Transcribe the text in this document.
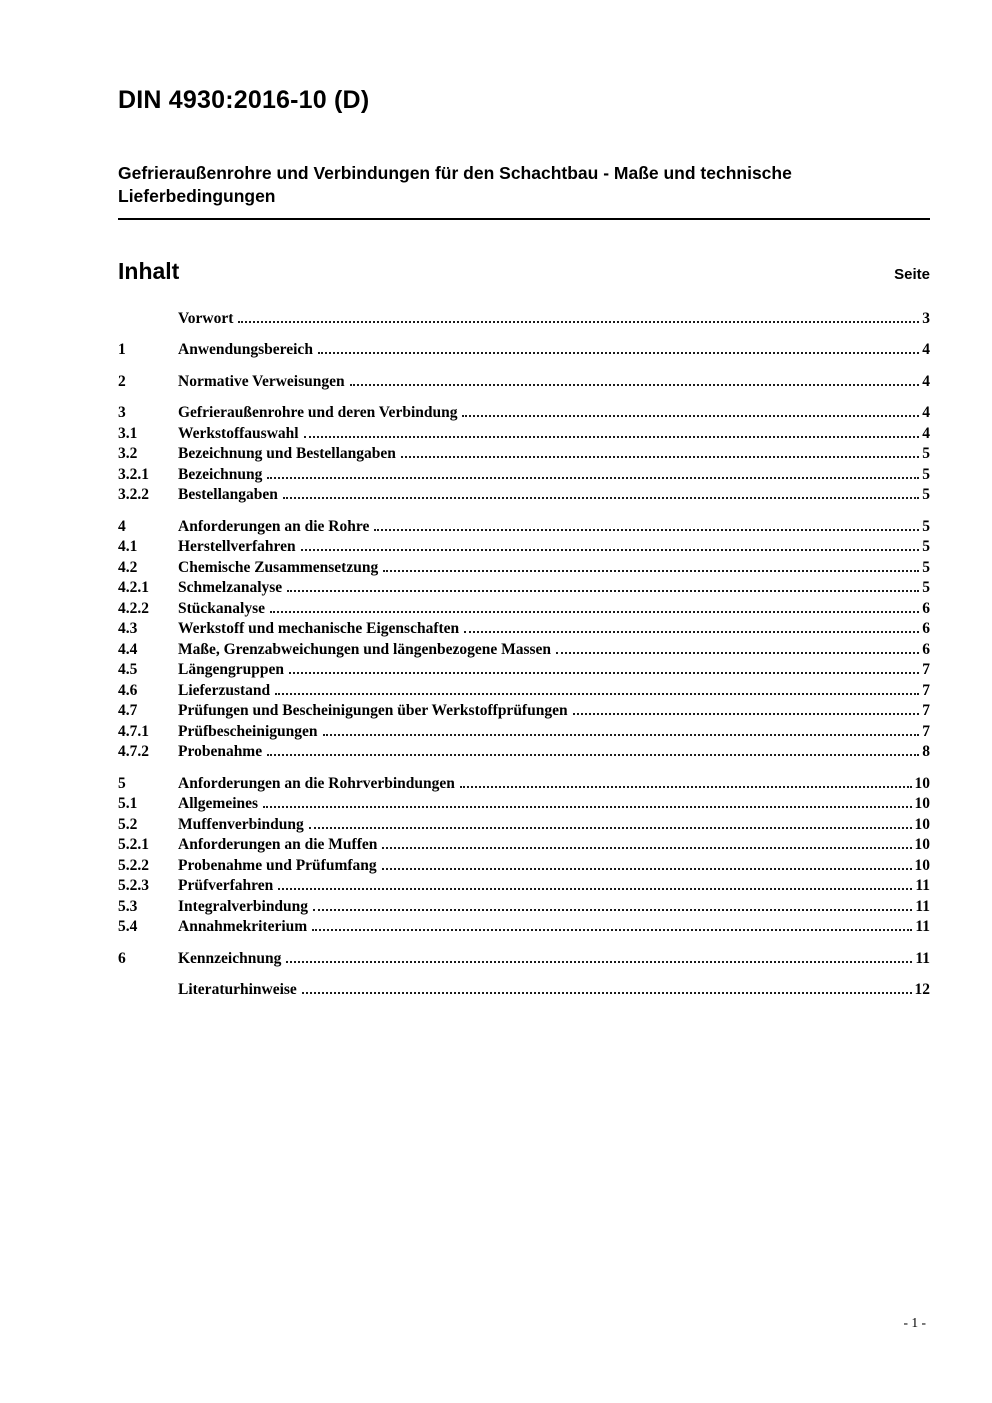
DIN 4930:2016-10 (D)
Gefrieraußenrohre und Verbindungen für den Schachtbau - Maße und technische Lieferbedingungen
Inhalt	Seite
Vorwort	3
1	Anwendungsbereich	4
2	Normative Verweisungen	4
3	Gefrieraußenrohre und deren Verbindung	4
3.1	Werkstoffauswahl	4
3.2	Bezeichnung und Bestellangaben	5
3.2.1	Bezeichnung	5
3.2.2	Bestellangaben	5
4	Anforderungen an die Rohre	5
4.1	Herstellverfahren	5
4.2	Chemische Zusammensetzung	5
4.2.1	Schmelzanalyse	5
4.2.2	Stückanalyse	6
4.3	Werkstoff und mechanische Eigenschaften	6
4.4	Maße, Grenzabweichungen und längenbezogene Massen	6
4.5	Längengruppen	7
4.6	Lieferzustand	7
4.7	Prüfungen und Bescheinigungen über Werkstoffprüfungen	7
4.7.1	Prüfbescheinigungen	7
4.7.2	Probenahme	8
5	Anforderungen an die Rohrverbindungen	10
5.1	Allgemeines	10
5.2	Muffenverbindung	10
5.2.1	Anforderungen an die Muffen	10
5.2.2	Probenahme und Prüfumfang	10
5.2.3	Prüfverfahren	11
5.3	Integralverbindung	11
5.4	Annahmekriterium	11
6	Kennzeichnung	11
Literaturhinweise	12
- 1 -
